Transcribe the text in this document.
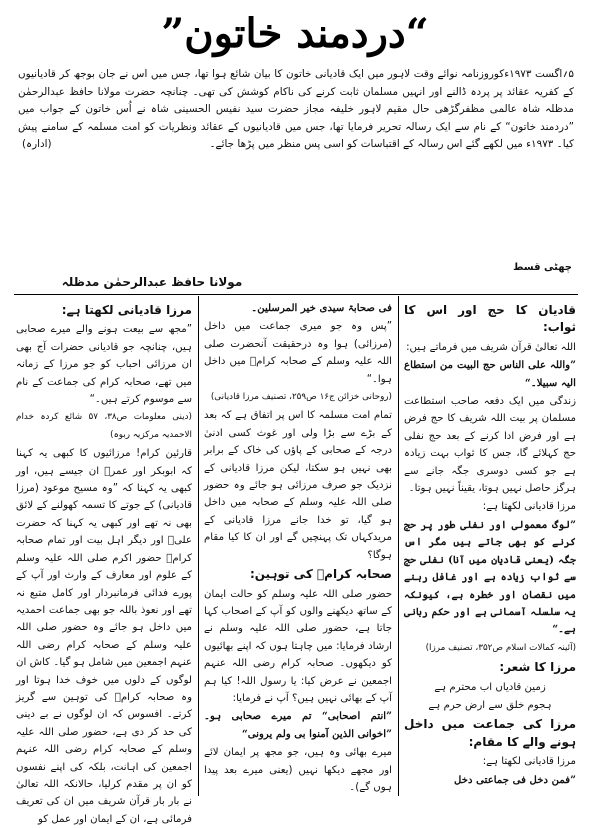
”دردمند خاتون“

۵؍اگست ۱۹۷۳ءکوروزنامہ نوائے وقت لاہور میں ایک قادیانی خاتون کا بیان شائع ہوا تھا، جس میں اس نے جان بوجھ کر قادیانیوں کے کفریہ عقائد پر پردہ ڈالنے اور انہیں مسلمان ثابت کرنے کی ناکام کوشش کی تھی۔ چنانچہ حضرت مولانا حافظ عبدالرحمٰن مدظلہ شاہ عالمی مظفرگڑھی حال مقیم لاہور خلیفہ مجاز حضرت سید نفیس الحسینی شاہ نے اُس خاتون کے جواب میں ”دردمند خاتون“ کے نام سے ایک رسالہ تحریر فرمایا تھا، جس میں قادیانیوں کے عقائد ونظریات کو امت مسلمہ کے سامنے پیش کیا۔ ۱۹۷۳ء میں لکھے گئے اس رسالہ کے اقتباسات کو اسی پس منظر میں پڑھا جائے۔
(ادارہ)

چھٹی قسط
مولانا حافظ عبدالرحمٰن مدظلہ

قادیان کا حج اور اس کا ثواب:

اللہ تعالیٰ قرآن شریف میں فرماتے ہیں:

”واللہ علی الناس حج البیت من استطاع الیہ سبیلا۔“

زندگی میں ایک دفعہ صاحب استطاعت مسلمان پر بیت اللہ شریف کا حج فرض ہے اور فرض ادا کرنے کے بعد حج نفلی حج کہلائے گا، جس کا ثواب بہت زیادہ ہے جو کسی دوسری جگہ جانے سے ہرگز حاصل نہیں ہوتا، یقیناً نہیں ہوتا۔

مرزا قادیانی لکھتا ہے:

”لوگ معمولی اور نفلی طور پر حج کرنے کو بھی جاتے ہیں مگر اس جگہ (یعنی قادیان میں آنا) نفلی حج سے ثواب زیادہ ہے اور غافل رہنے میں نقصان اور خطرہ ہے، کیونکہ یہ سلسلہ آسمانی ہے اور حکم ربانی ہے۔“

(آئینہ کمالات اسلام ص۳۵۲، تصنیف مرزا)

مرزا کا شعر:

زمین قادیاں اب محترم ہے

ہجوم خلق سے ارض حرم ہے

مرزا کی جماعت میں داخل ہونے والے کا مقام:

مرزا قادیانی لکھتا ہے:

”فمن دخل فی جماعتی دخل

فی صحابۃ سیدی خیر المرسلین۔

”پس وہ جو میری جماعت میں داخل (مرزائی) ہوا وہ درحقیقت آنحضرت صلی اللہ علیہ وسلم کے صحابہ کرامؓ میں داخل ہوا۔“

(روحانی خزائن ج۱۶ ص۲۵۹، تصنیف مرزا قادیانی)

تمام امت مسلمہ کا اس پر اتفاق ہے کہ بعد کے بڑے سے بڑا ولی اور غوث کسی ادنیٰ درجہ کے صحابی کے پاؤں کی خاک کے برابر بھی نہیں ہو سکتا، لیکن مرزا قادیانی کے نزدیک جو صرف مرزائی ہو جائے وہ حضور صلی اللہ علیہ وسلم کے صحابہ میں داخل ہو گیا، تو خدا جانے مرزا قادیانی کے مریدکہاں تک پہنچیں گے اور ان کا کیا مقام ہوگا؟

صحابہ کرامؓ کی توہین:

حضور صلی اللہ علیہ وسلم کو حالت ایمان کے ساتھ دیکھنے والوں کو آپ کے اصحاب کہا جاتا ہے، حضور صلی اللہ علیہ وسلم نے ارشاد فرمایا: میں چاہتا ہوں کہ اپنے بھائیوں کو دیکھوں۔ صحابہ کرام رضی اللہ عنہم اجمعین نے عرض کیا: یا رسول اللہ! کیا ہم آپ کے بھائی نہیں ہیں؟ آپ نے فرمایا:

”انتم اصحابی“ تم میرے صحابی ہو۔ ”اخوانی الذین آمنوا بی ولم یرونی“

میرے بھائی وہ ہیں، جو مجھ پر ایمان لائے اور مجھے دیکھا نہیں (یعنی میرے بعد پیدا ہوں گے)۔

مرزا قادیانی لکھتا ہے:

”مجھ سے بیعت ہونے والے میرے صحابی ہیں، چنانچہ جو قادیانی حضرات آج بھی ان مرزائی احباب کو جو مرزا کے زمانہ میں تھے، صحابہ کرام کی جماعت کے نام سے موسوم کرتے ہیں۔“

(دینی معلومات ص۳۸، ۵۷ شائع کردہ خدام الاحمدیہ مرکزیہ ربوہ)

قارئین کرام! مرزائیوں کا کبھی یہ کہنا کہ ابوبکر اور عمرؓ ان جیسے ہیں، اور کبھی یہ کہنا کہ ”وہ مسیح موعود (مرزا قادیانی) کے جوتے کا تسمہ کھولنے کے لائق بھی نہ تھے اور کبھی یہ کہنا کہ حضرت علیؓ اور دیگر اہل بیت اور تمام صحابہ کرامؓ حضور اکرم صلی اللہ علیہ وسلم کے علوم اور معارف کے وارث اور آپ کے پورے فدائی فرمانبردار اور کامل متبع نہ تھے اور نعوذ باللہ جو بھی جماعت احمدیہ میں داخل ہو جائے وہ حضور صلی اللہ علیہ وسلم کے صحابہ کرام رضی اللہ عنہم اجمعین میں شامل ہو گیا۔ کاش ان لوگوں کے دلوں میں خوف خدا ہوتا اور وہ صحابہ کرامؓ کی توہین سے گریز کرتے۔ افسوس کہ ان لوگوں نے بے دینی کی حد کر دی ہے، حضور صلی اللہ علیہ وسلم کے صحابہ کرام رضی اللہ عنہم اجمعین کی اہانت، بلکہ کی اپنے نفسوں کو ان پر مقدم کرلیا، حالانکہ اللہ تعالیٰ نے بار بار قرآن شریف میں ان کی تعریف فرمائی ہے، ان کے ایمان اور عمل کو
